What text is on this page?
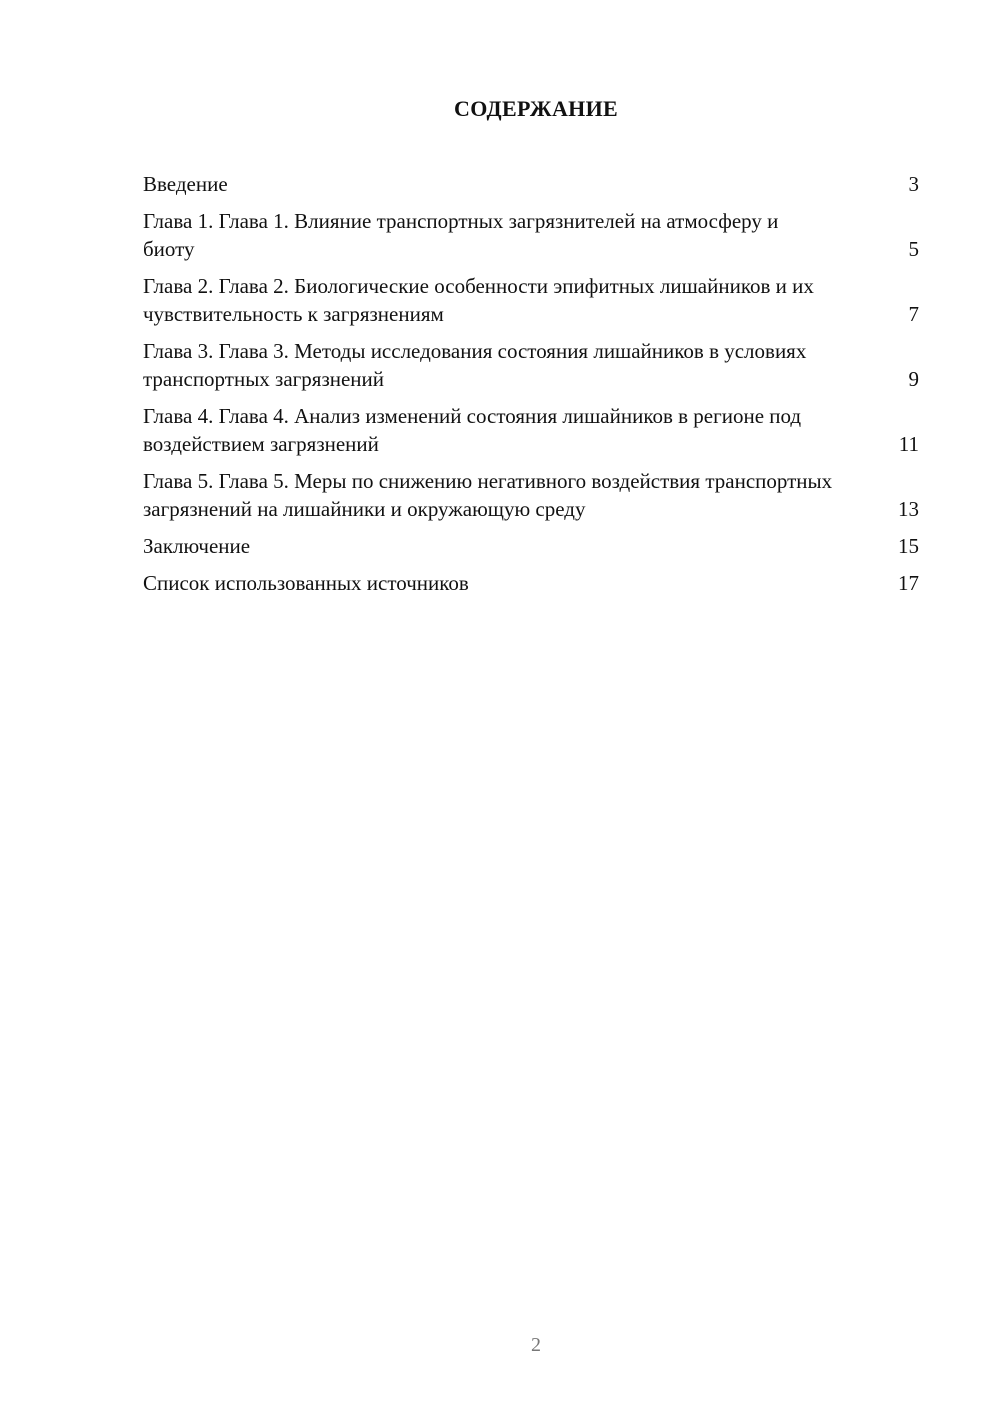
СОДЕРЖАНИЕ
Введение	3
Глава 1. Глава 1. Влияние транспортных загрязнителей на атмосферу и биоту	5
Глава 2. Глава 2. Биологические особенности эпифитных лишайников и их чувствительность к загрязнениям	7
Глава 3. Глава 3. Методы исследования состояния лишайников в условиях транспортных загрязнений	9
Глава 4. Глава 4. Анализ изменений состояния лишайников в регионе под воздействием загрязнений	11
Глава 5. Глава 5. Меры по снижению негативного воздействия транспортных загрязнений на лишайники и окружающую среду	13
Заключение	15
Список использованных источников	17
2
